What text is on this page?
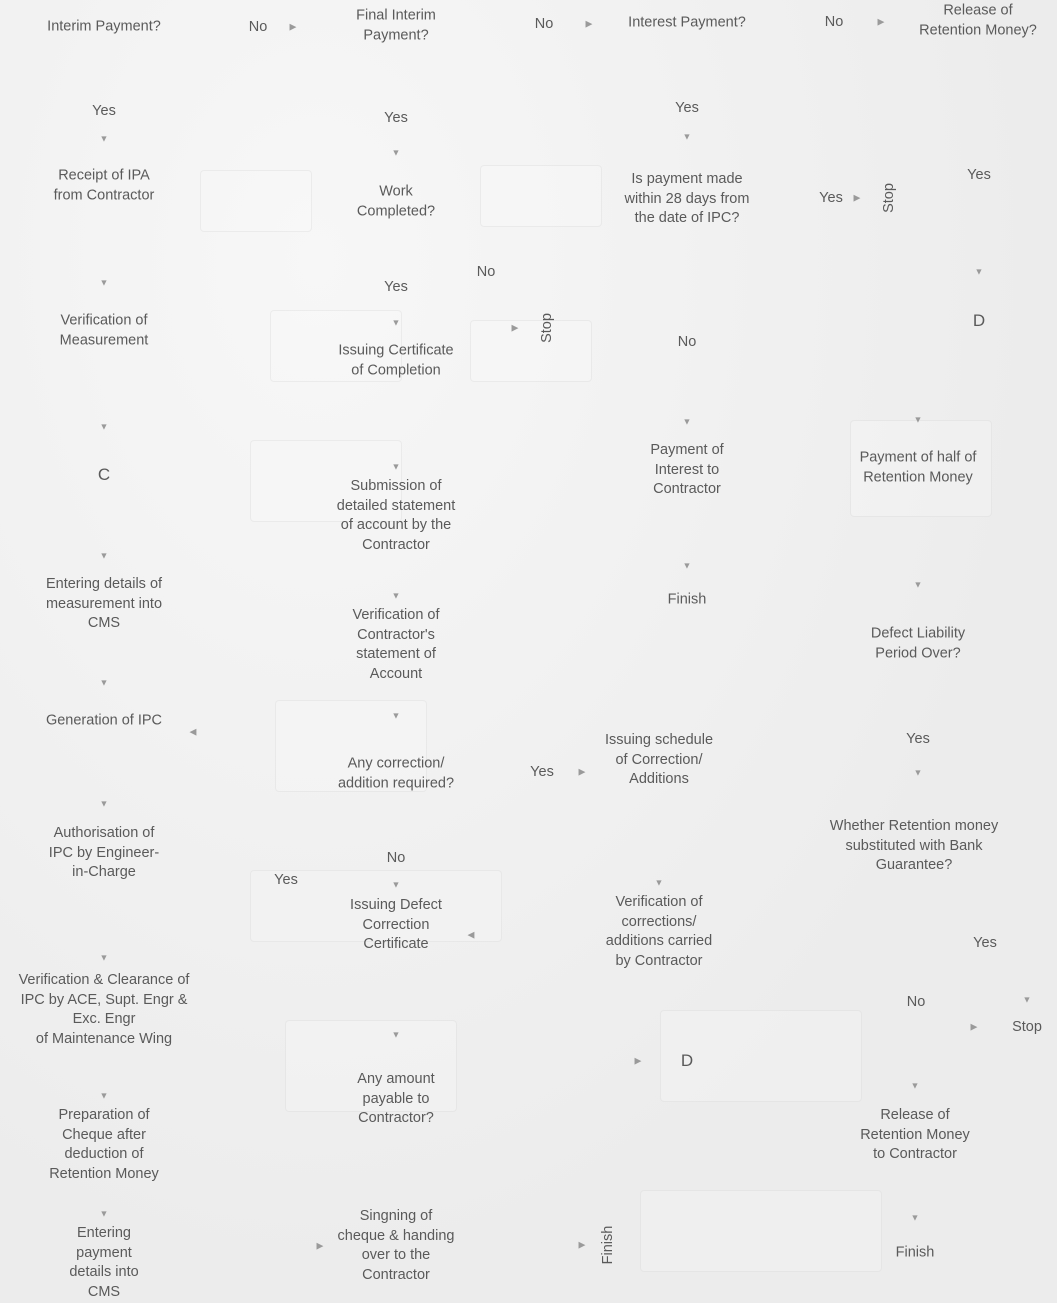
Interim Payment?
Yes
Receipt of IPA
from Contractor
Verification of
Measurement
C
Entering details of
measurement into
CMS
Generation of IPC
Authorisation of
IPC by Engineer-
in-Charge
Verification & Clearance of
IPC by ACE, Supt. Engr &
Exc. Engr
of Maintenance Wing
Preparation of
Cheque after
deduction of
Retention Money
Entering
payment
details into
CMS
No
Yes
Final Interim
Payment?
Yes
Work
Completed?
Yes
No
Stop
Issuing Certificate
of Completion
Submission of
detailed statement
of account by the
Contractor
Verification of
Contractor's
statement of
Account
Any correction/
addition required?
No
Issuing Defect
Correction
Certificate
Any amount
payable to
Contractor?
Singning of
cheque & handing
over to the
Contractor
No
Yes
Finish
Interest Payment?
Yes
Is payment made
within 28 days from
the date of IPC?
Yes	Stop
No
Payment of
Interest to
Contractor
Finish
Issuing schedule
of Correction/
Additions
Verification of
corrections/
additions carried
by Contractor
D
No
Release of
Retention Money?
Yes
D
Payment of half of
Retention Money
Defect Liability
Period Over?
Yes
Whether Retention money
substituted with Bank
Guarantee?
Yes
No
Stop
Release of
Retention Money
to Contractor
Finish
▼
▼
▼
▼
▼
▼
▼
▼
▼
▼
▼
▼
▼
▼
▼
▼
▼
▼
▼
▼
▼
▼
▼
▼
▼
▼
▼
▶	▶	▶
▶
▶
▶
▶
▶
▶	▶
◀
◀
